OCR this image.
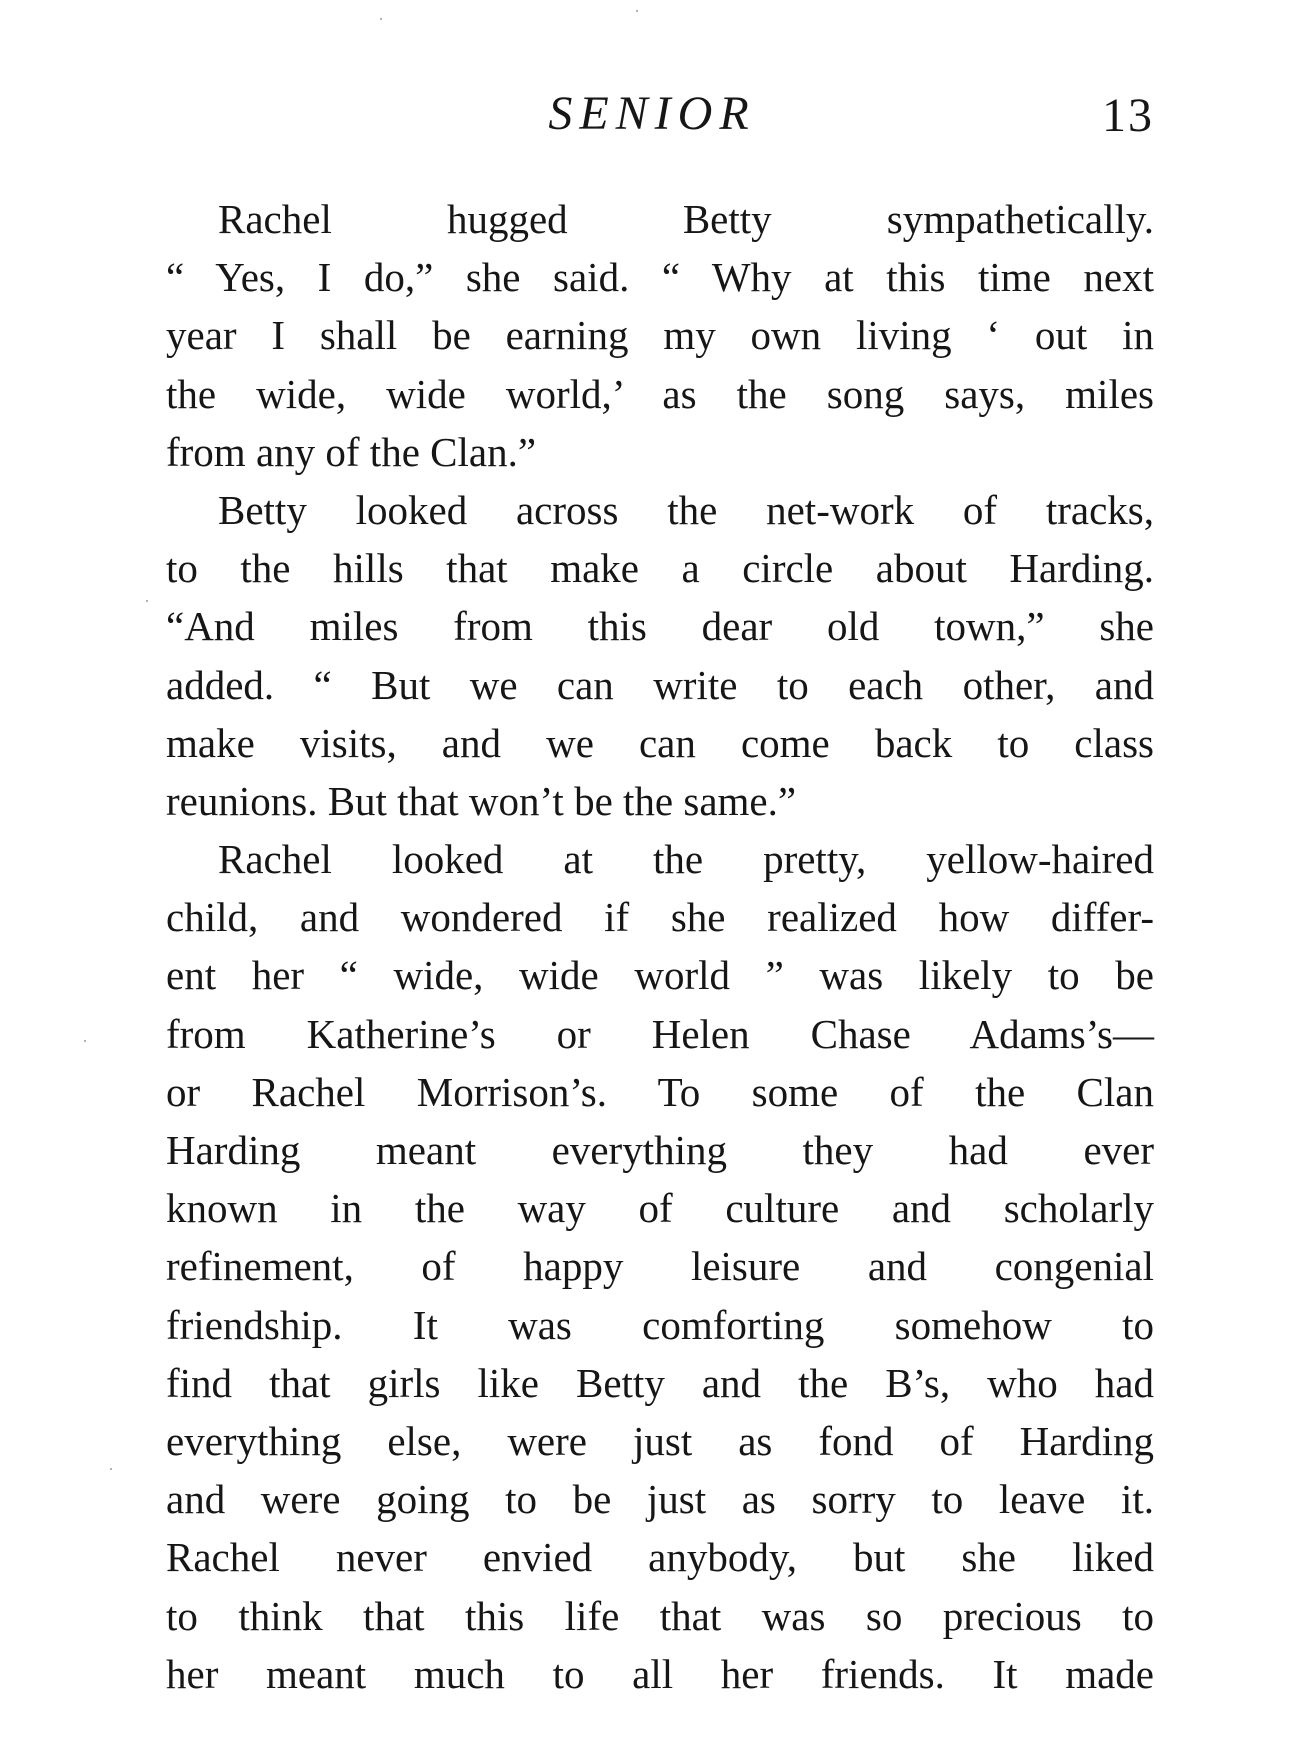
SENIOR	13
Rachel hugged Betty sympathetically.
“ Yes, I do,” she said. “ Why at this time next
year I shall be earning my own living ‘ out in
the wide, wide world,’ as the song says, miles
from any of the Clan.”
Betty looked across the net-work of tracks,
to the hills that make a circle about Harding.
“And miles from this dear old town,” she
added. “ But we can write to each other, and
make visits, and we can come back to class
reunions. But that won’t be the same.”
Rachel looked at the pretty, yellow-haired
child, and wondered if she realized how differ-
ent her “ wide, wide world ” was likely to be
from Katherine’s or Helen Chase Adams’s—
or Rachel Morrison’s. To some of the Clan
Harding meant everything they had ever
known in the way of culture and scholarly
refinement, of happy leisure and congenial
friendship. It was comforting somehow to
find that girls like Betty and the B’s, who had
everything else, were just as fond of Harding
and were going to be just as sorry to leave it.
Rachel never envied anybody, but she liked
to think that this life that was so precious to
her meant much to all her friends. It made
